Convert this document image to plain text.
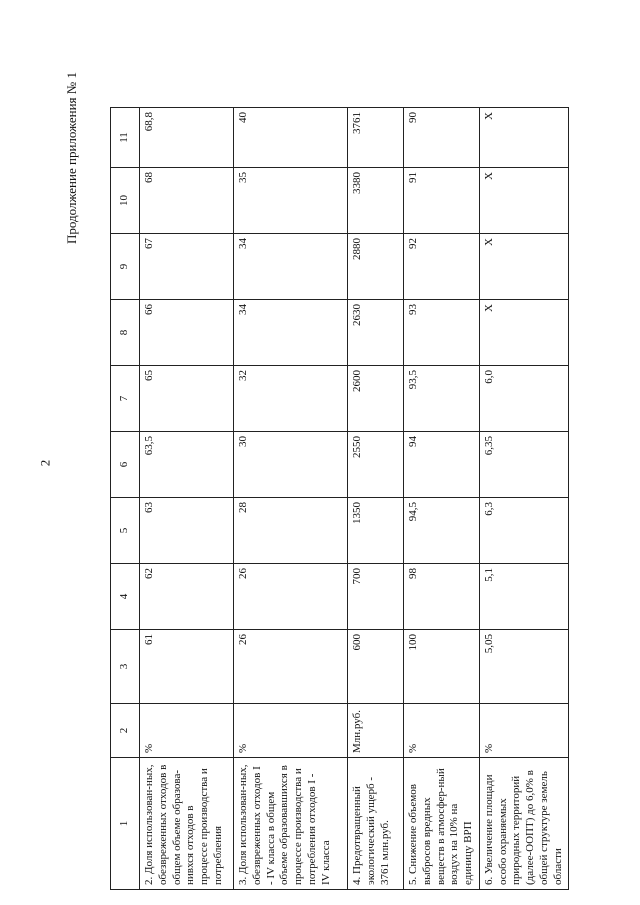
2
Продолжение приложения № 1
1	2	3	4	5	6	7	8	9	10	11
2. Доля использован-ных, обезвреженных отходов в общем объеме образова-нивхся отходов в процессе производства и потребления	%	61	62	63	63,5	65	66	67	68	68,8
3. Доля использован-ных, обезвреженных отходов I - IV класса в общем объеме образовавшихся в процессе производства и потребления отходов I - IV класса	%	26	26	28	30	32	34	34	35	40
4. Предотвращенный экологический ущерб - 3761 млн.руб.	Млн.руб.	600	700	1350	2550	2600	2630	2880	3380	3761
5. Снижение объемов выбросов вредных веществ в атмосфер-ный воздух на 10% на единицу ВРП	%	100	98	94,5	94	93,5	93	92	91	90
6. Увеличение площади особо охраняемых природных территорий (далее-ООПТ) до 6,0% в общей структуре земель области	%	5,05	5,1	6,3	6,35	6,0	Х	Х	Х	Х
